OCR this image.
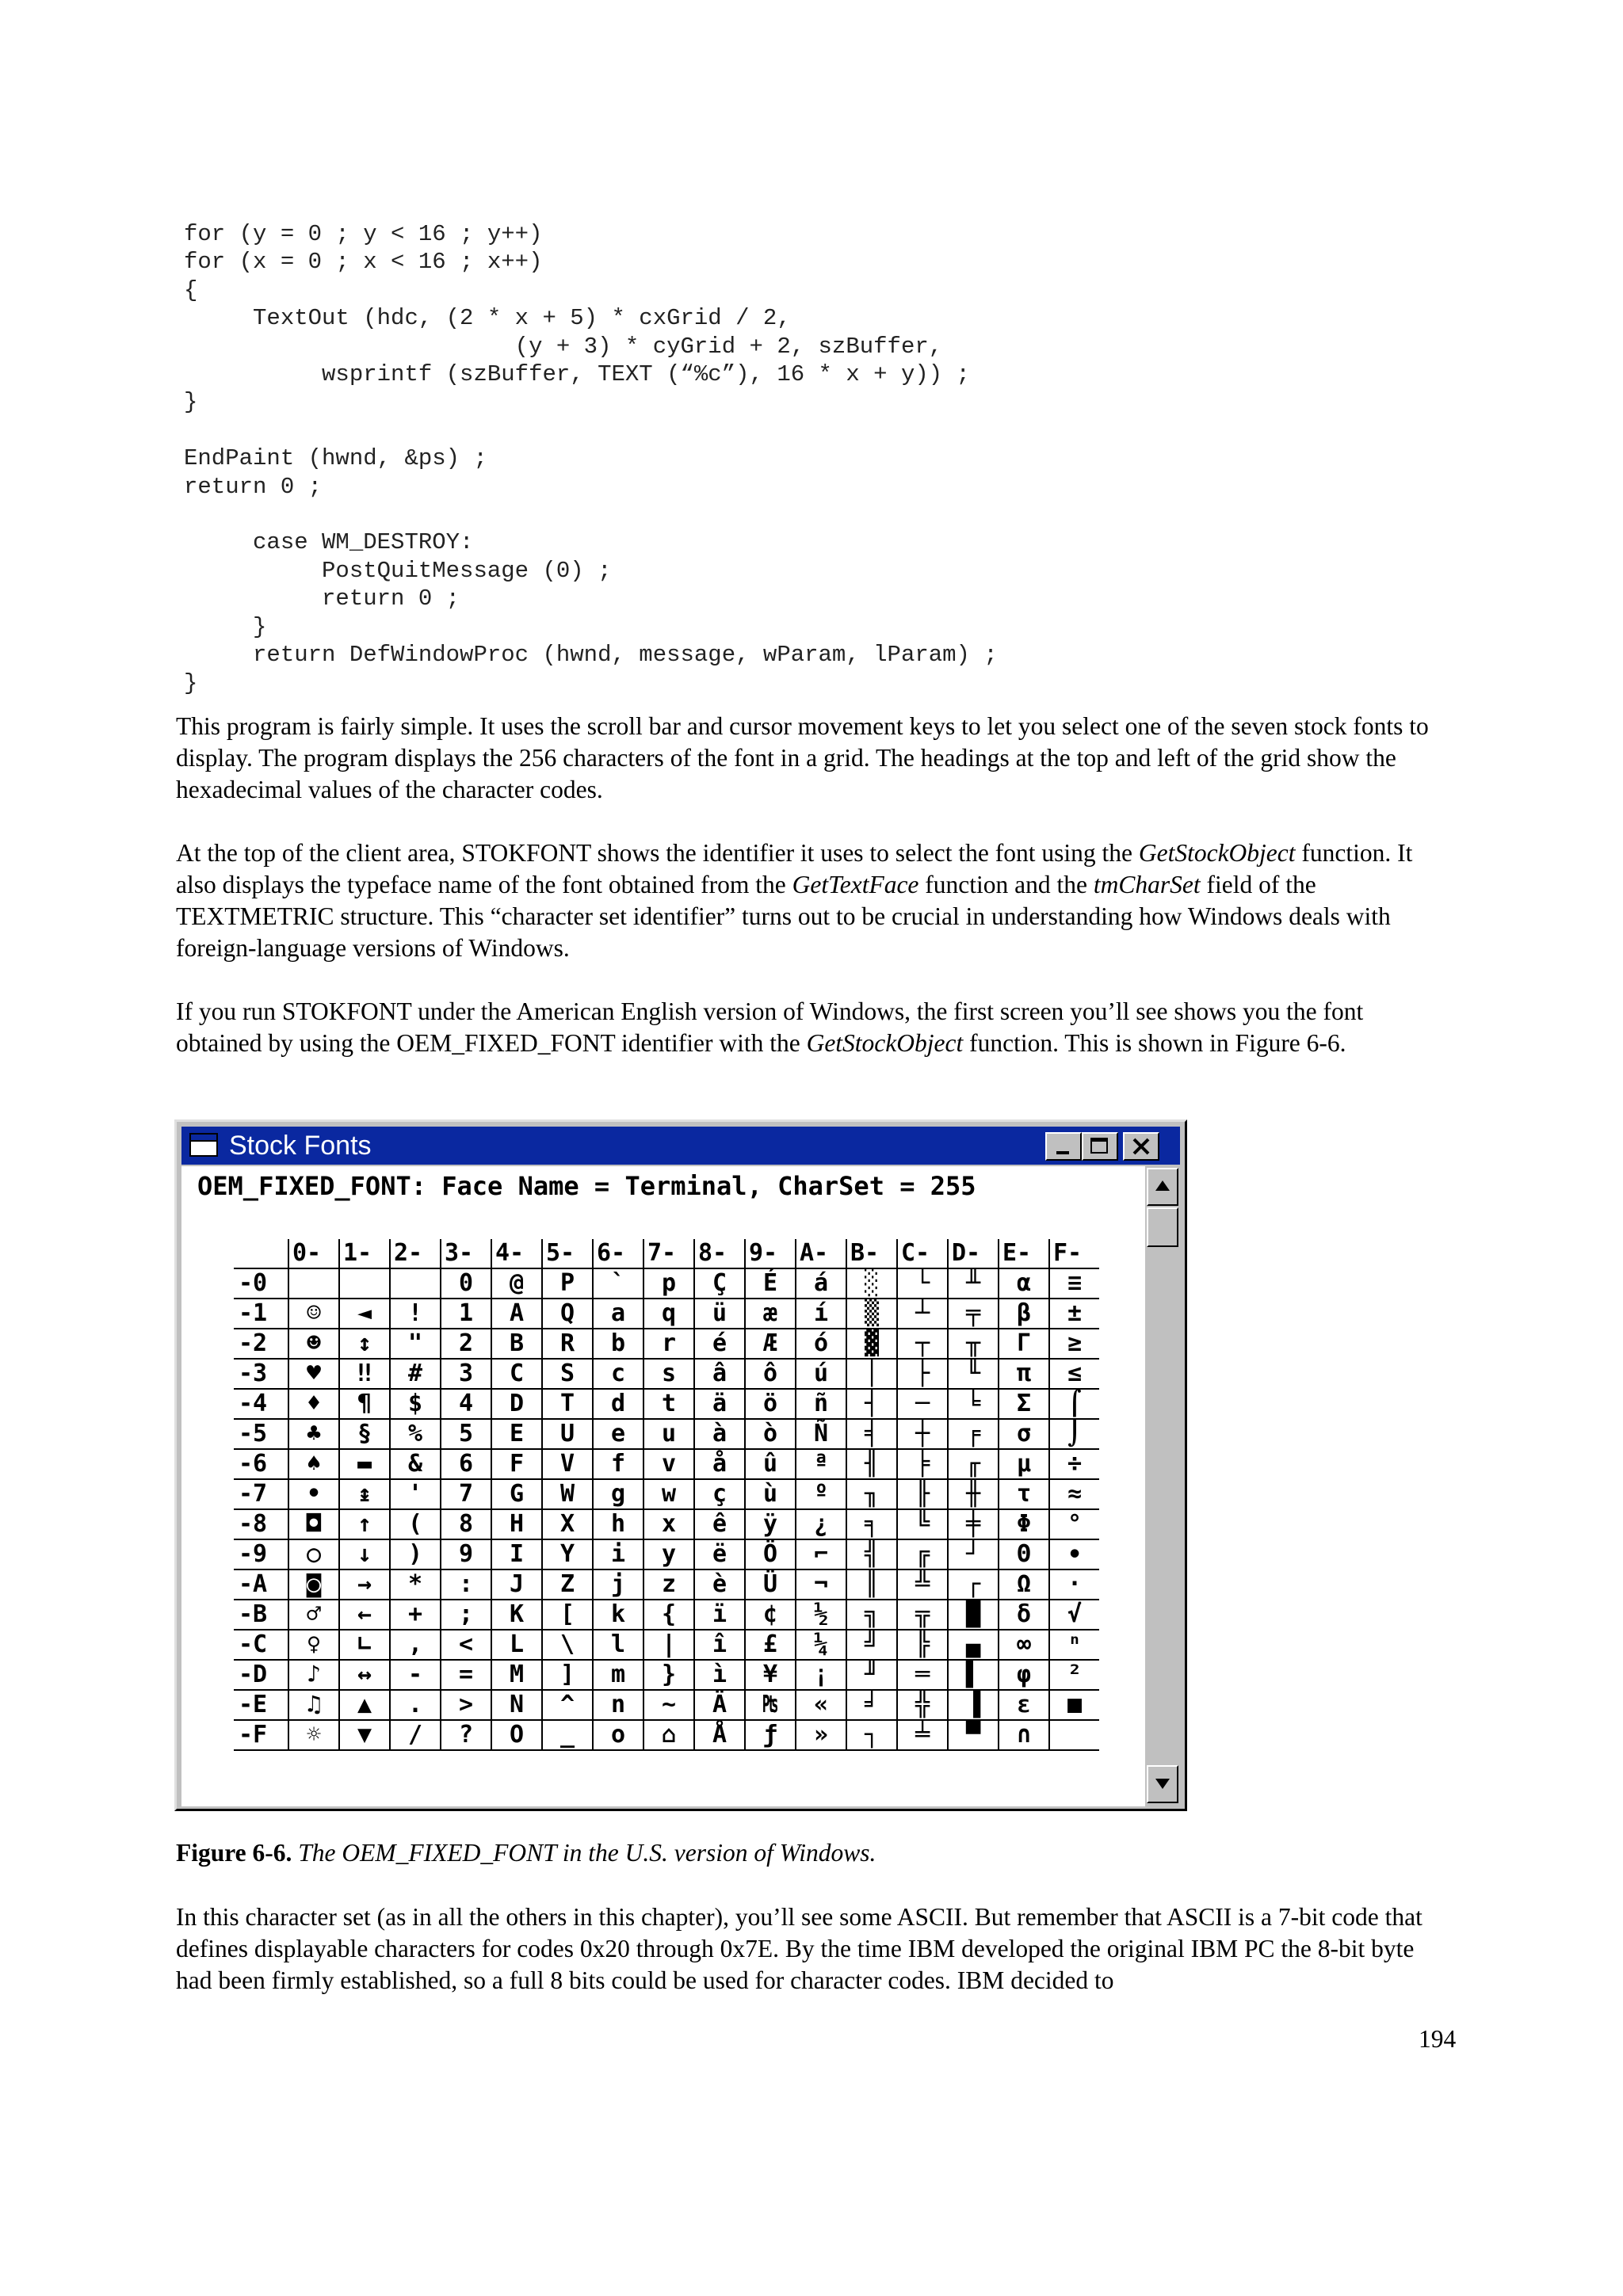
for (y = 0 ; y < 16 ; y++)
for (x = 0 ; x < 16 ; x++)
{
TextOut (hdc, (2 * x + 5) * cxGrid / 2,
(y + 3) * cyGrid + 2, szBuffer,
wsprintf (szBuffer, TEXT (“%c”), 16 * x + y)) ;
}

EndPaint (hwnd, &ps) ;
return 0 ;

case WM_DESTROY:
PostQuitMessage (0) ;
return 0 ;
}
return DefWindowProc (hwnd, message, wParam, lParam) ;
}

This program is fairly simple. It uses the scroll bar and cursor movement keys to let you select one of the seven stock fonts to display. The program displays the 256 characters of the font in a grid. The headings at the top and left of the grid show the hexadecimal values of the character codes.

At the top of the client area, STOKFONT shows the identifier it uses to select the font using the GetStockObject function. It also displays the typeface name of the font obtained from the GetTextFace function and the tmCharSet field of the TEXTMETRIC structure. This “character set identifier” turns out to be crucial in understanding how Windows deals with foreign-language versions of Windows.

If you run STOKFONT under the American English version of Windows, the first screen you’ll see shows you the font obtained by using the OEM_FIXED_FONT identifier with the GetStockObject function. This is shown in Figure 6-6.

Stock Fonts
OEM_FIXED_FONT: Face Name = Terminal, CharSet = 255
	0-	1-	2-	3-	4-	5-	6-	7-	8-	9-	A-	B-	C-	D-	E-	F-
-0				0	@	P	`	p	Ç	É	á	░	└	╨	α	≡
-1	☺	◄	!	1	A	Q	a	q	ü	æ	í	▒	┴	╤	β	±
-2	☻	↕	"	2	B	R	b	r	é	Æ	ó	▓	┬	╥	Γ	≥
-3	♥	‼	#	3	C	S	c	s	â	ô	ú	│	├	╙	π	≤
-4	♦	¶	$	4	D	T	d	t	ä	ö	ñ	┤	─	╘	Σ	⌠
-5	♣	§	%	5	E	U	e	u	à	ò	Ñ	╡	┼	╒	σ	⌡
-6	♠	▬	&	6	F	V	f	v	å	û	ª	╢	╞	╓	µ	÷
-7	•	↨	'	7	G	W	g	w	ç	ù	º	╖	╟	╫	τ	≈
-8	◘	↑	(	8	H	X	h	x	ê	ÿ	¿	╕	╚	╪	Φ	°
-9	○	↓	)	9	I	Y	i	y	ë	Ö	⌐	╣	╔	┘	Θ	∙
-A	◙	→	*	:	J	Z	j	z	è	Ü	¬	║	╩	┌	Ω	·
-B	♂	←	+	;	K	[	k	{	ï	¢	½	╗	╦	█	δ	√
-C	♀	∟	,	<	L	\	l	|	î	£	¼	╝	╠	▄	∞	ⁿ
-D	♪	↔	-	=	M	]	m	}	ì	¥	¡	╜	═	▌	φ	²
-E	♫	▲	.	>	N	^	n	~	Ä	₧	«	╛	╬	▐	ε	■
-F	☼	▼	/	?	O	_	o	⌂	Å	ƒ	»	┐	╧	▀	∩	

Figure 6-6. The OEM_FIXED_FONT in the U.S. version of Windows.

In this character set (as in all the others in this chapter), you’ll see some ASCII. But remember that ASCII is a 7-bit code that defines displayable characters for codes 0x20 through 0x7E. By the time IBM developed the original IBM PC the 8-bit byte had been firmly established, so a full 8 bits could be used for character codes. IBM decided to

194
